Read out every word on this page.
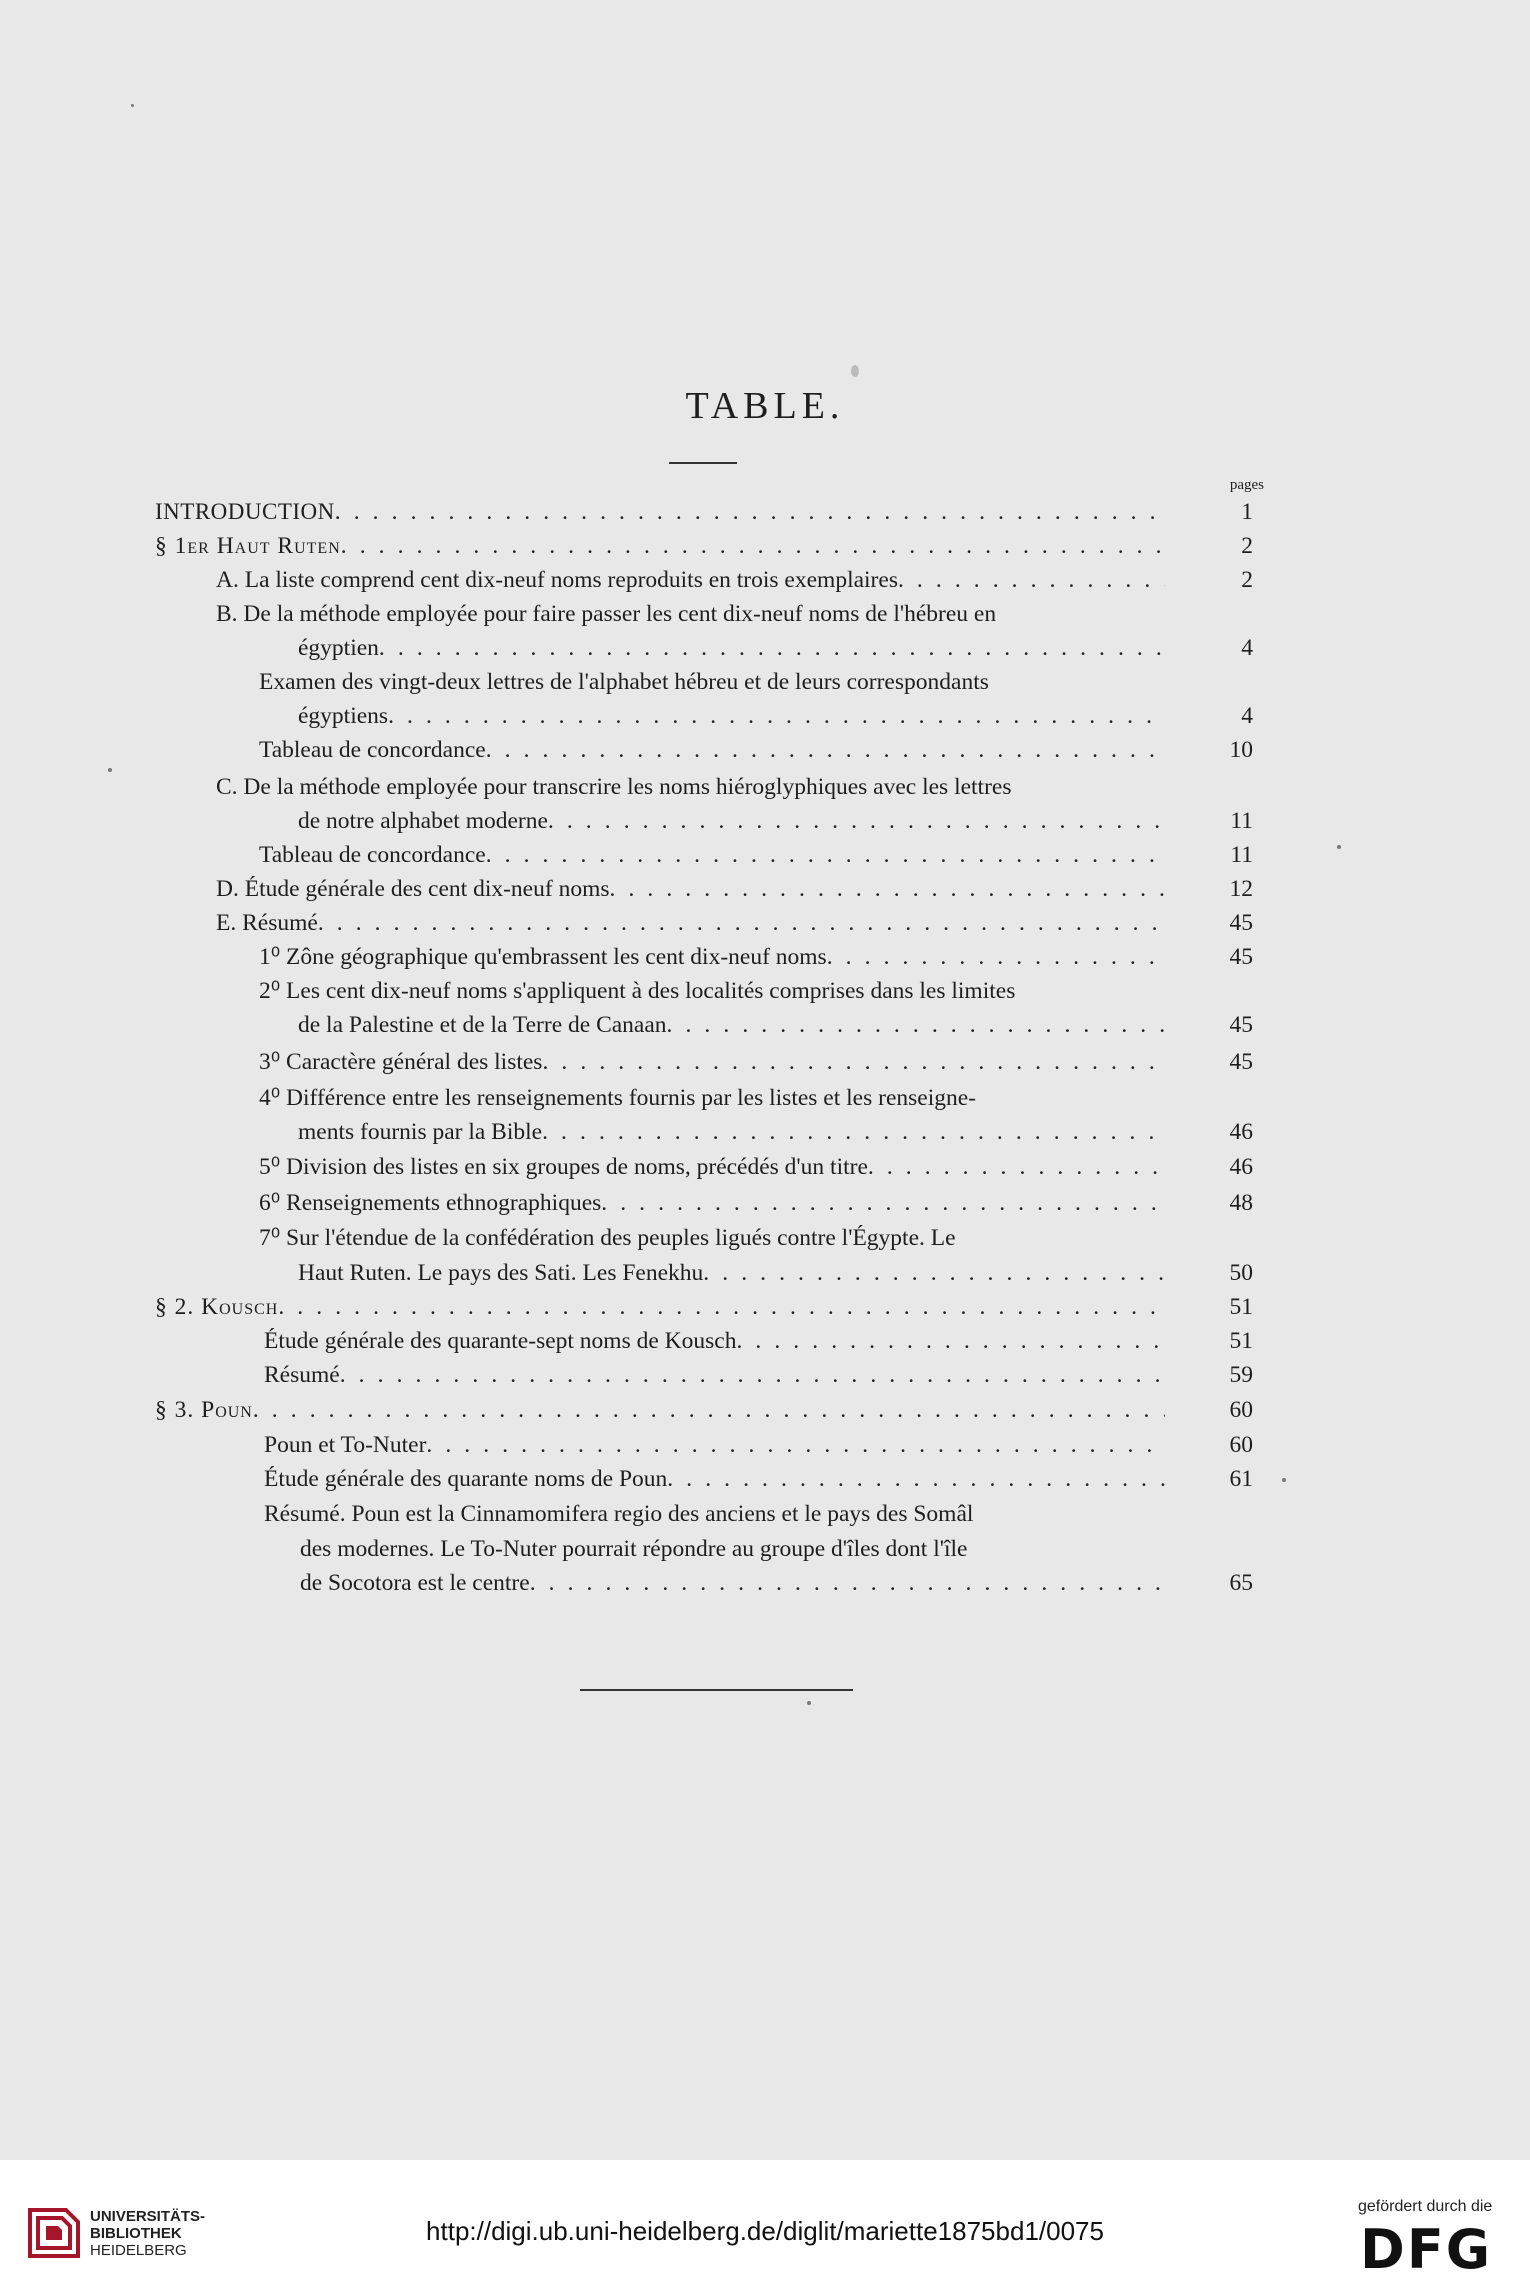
TABLE.
pages
INTRODUCTION . . .	1
§ 1er Haut Ruten . . .	2
A. La liste comprend cent dix-neuf noms reproduits en trois exemplaires . . .	2
B. De la méthode employée pour faire passer les cent dix-neuf noms de l'hébreu en
égyptien . . .	4
Examen des vingt-deux lettres de l'alphabet hébreu et de leurs correspondants
égyptiens . . .	4
Tableau de concordance . . .	10
C. De la méthode employée pour transcrire les noms hiéroglyphiques avec les lettres
de notre alphabet moderne . . .	11
Tableau de concordance . . .	11
D. Étude générale des cent dix-neuf noms . . .	12
E. Résumé . . .	45
1⁰ Zône géographique qu'embrassent les cent dix-neuf noms . . .	45
2⁰ Les cent dix-neuf noms s'appliquent à des localités comprises dans les limites
de la Palestine et de la Terre de Canaan . . .	45
3⁰ Caractère général des listes . . .	45
4⁰ Différence entre les renseignements fournis par les listes et les renseigne-
ments fournis par la Bible . . .	46
5⁰ Division des listes en six groupes de noms, précédés d'un titre . . .	46
6⁰ Renseignements ethnographiques . . .	48
7⁰ Sur l'étendue de la confédération des peuples ligués contre l'Égypte. Le
Haut Ruten. Le pays des Sati. Les Fenekhu . . .	50
§ 2. Kousch . . .	51
Étude générale des quarante-sept noms de Kousch . . .	51
Résumé . . .	59
§ 3. Poun . . .	60
Poun et To-Nuter . . .	60
Étude générale des quarante noms de Poun . . .	61
Résumé. Poun est la Cinnamomifera regio des anciens et le pays des Somâl
des modernes. Le To-Nuter pourrait répondre au groupe d'îles dont l'île
de Socotora est le centre . . .	65
UNIVERSITÄTS-
BIBLIOTHEK
HEIDELBERG
http://digi.ub.uni-heidelberg.de/diglit/mariette1875bd1/0075
gefördert durch die
DFG
